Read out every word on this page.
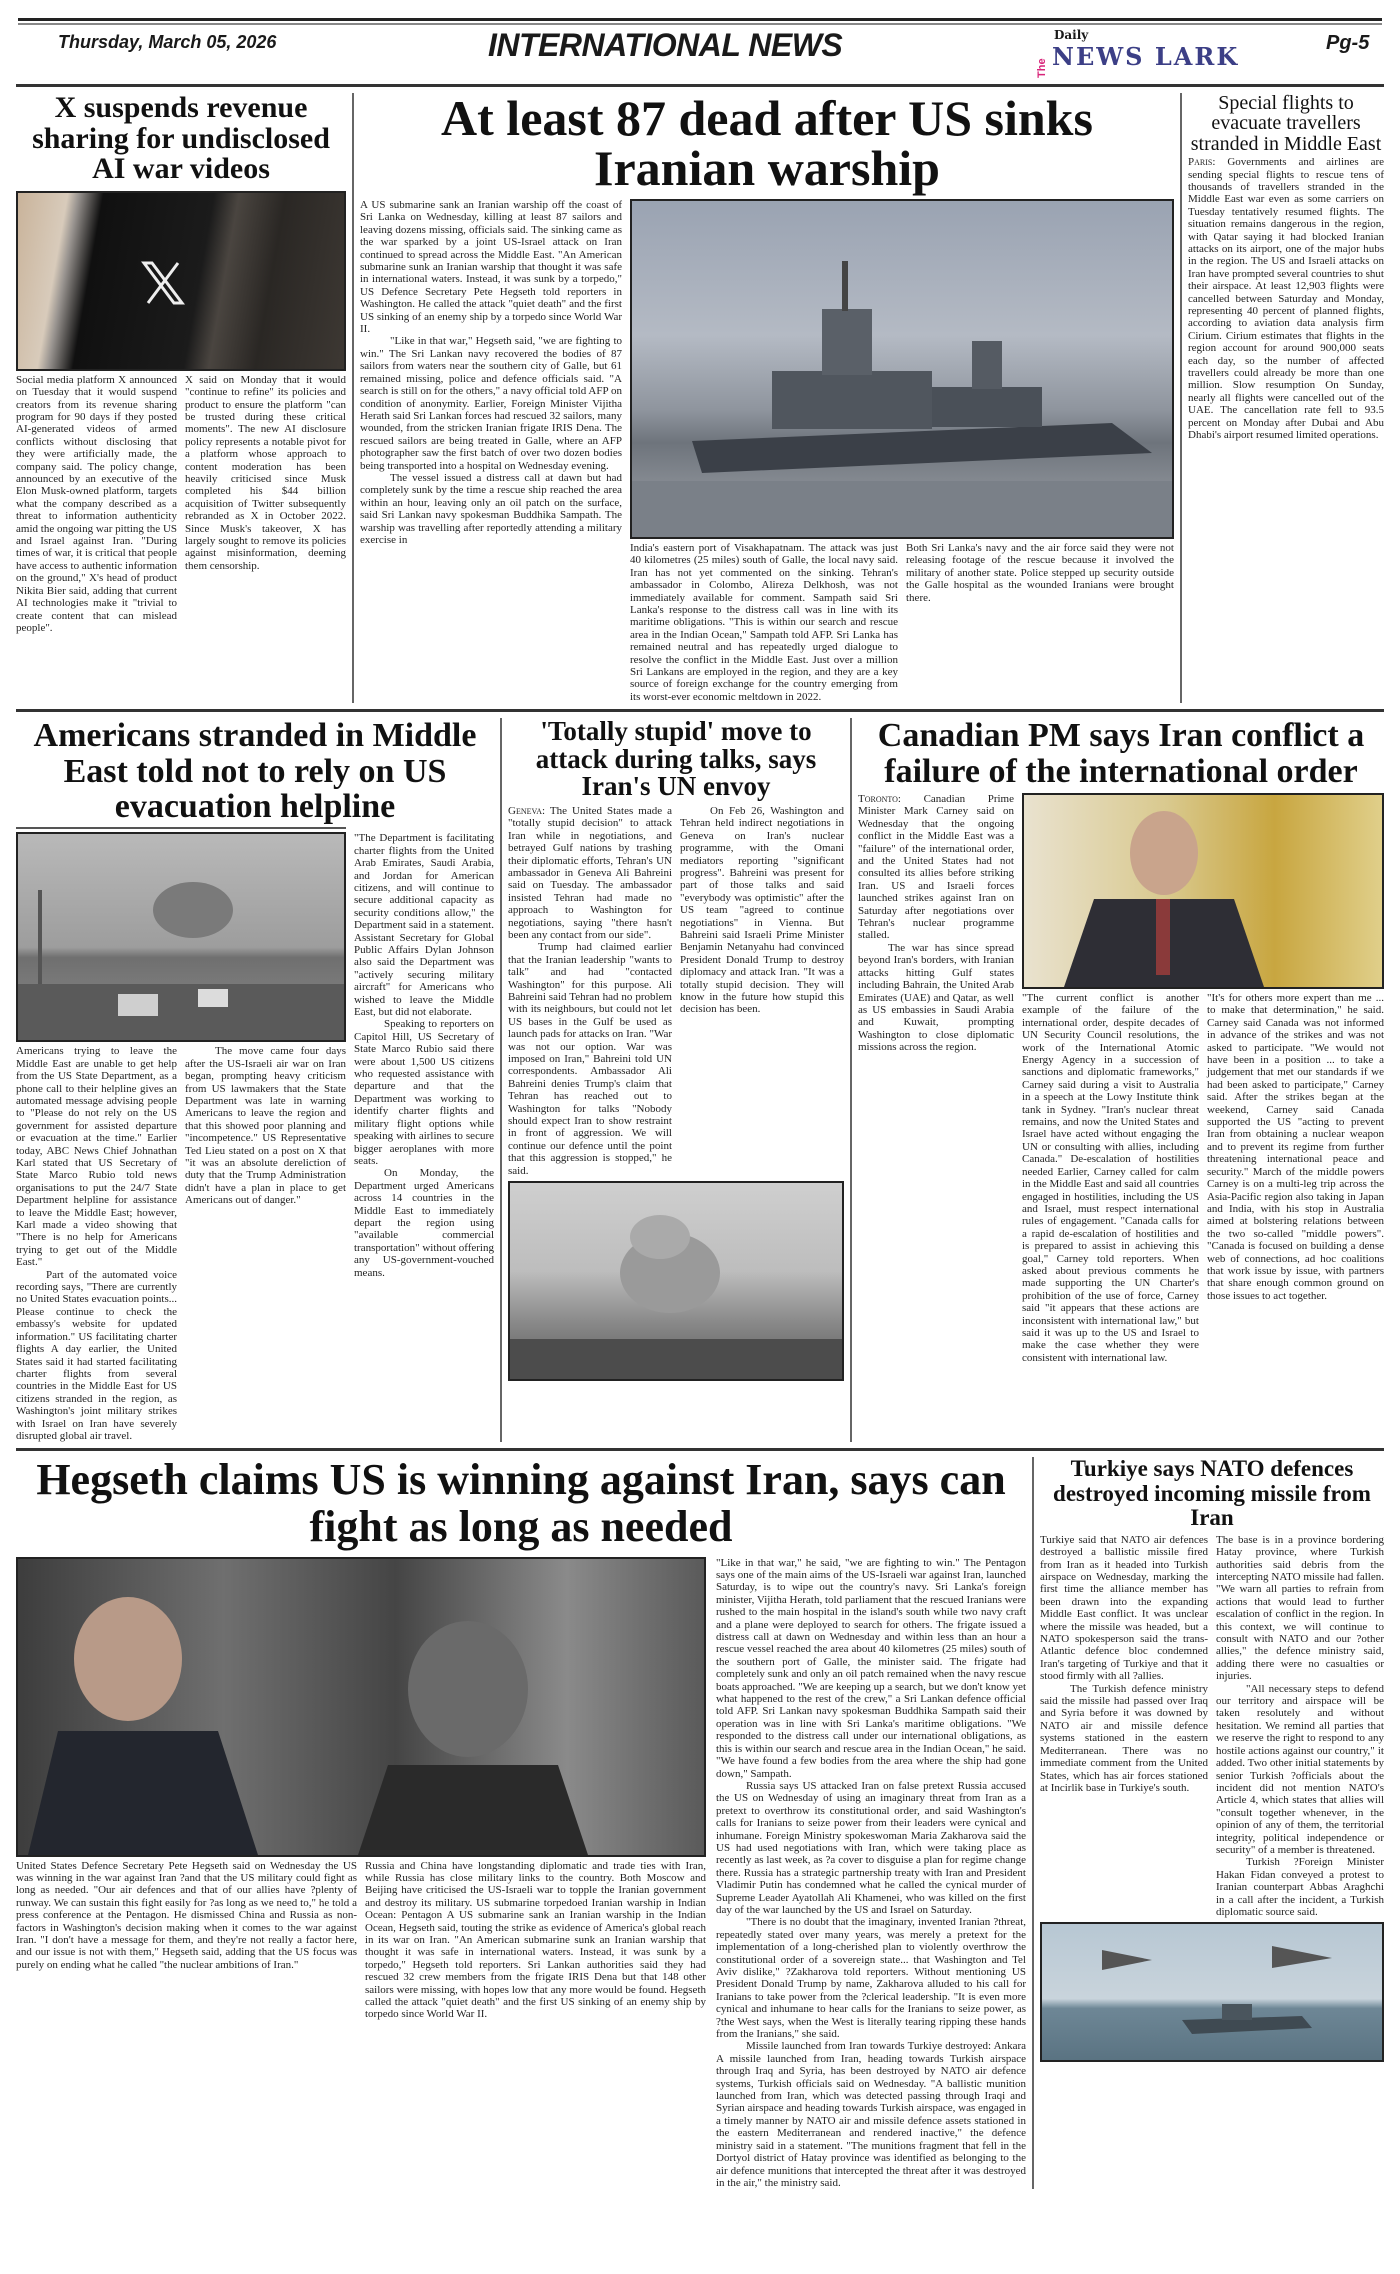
Thursday, March 05, 2026	INTERNATIONAL NEWS	Daily
The NEWS LARK	Pg-5
X suspends revenue sharing for undisclosed AI war videos

Social media platform X announced on Tuesday that it would suspend creators from its revenue sharing program for 90 days if they posted AI-generated videos of armed conflicts without disclosing that they were artificially made, the company said. The policy change, announced by an executive of the Elon Musk-owned platform, targets what the company described as a threat to information authenticity amid the ongoing war pitting the US and Israel against Iran. "During times of war, it is critical that people have access to authentic information on the ground," X's head of product Nikita Bier said, adding that current AI technologies make it "trivial to create content that can mislead people".

X said on Monday that it would "continue to refine" its policies and product to ensure the platform "can be trusted during these critical moments". The new AI disclosure policy represents a notable pivot for a platform whose approach to content moderation has been heavily criticised since Musk completed his $44 billion acquisition of Twitter subsequently rebranded as X in October 2022. Since Musk's takeover, X has largely sought to remove its policies against misinformation, deeming them censorship.

At least 87 dead after US sinks Iranian warship

A US submarine sank an Iranian warship off the coast of Sri Lanka on Wednesday, killing at least 87 sailors and leaving dozens missing, officials said. The sinking came as the war sparked by a joint US-Israel attack on Iran continued to spread across the Middle East. "An American submarine sunk an Iranian warship that thought it was safe in international waters. Instead, it was sunk by a torpedo," US Defence Secretary Pete Hegseth told reporters in Washington. He called the attack "quiet death" and the first US sinking of an enemy ship by a torpedo since World War II.

"Like in that war," Hegseth said, "we are fighting to win." The Sri Lankan navy recovered the bodies of 87 sailors from waters near the southern city of Galle, but 61 remained missing, police and defence officials said. "A search is still on for the others," a navy official told AFP on condition of anonymity. Earlier, Foreign Minister Vijitha Herath said Sri Lankan forces had rescued 32 sailors, many wounded, from the stricken Iranian frigate IRIS Dena. The rescued sailors are being treated in Galle, where an AFP photographer saw the first batch of over two dozen bodies being transported into a hospital on Wednesday evening.

The vessel issued a distress call at dawn but had completely sunk by the time a rescue ship reached the area within an hour, leaving only an oil patch on the surface, said Sri Lankan navy spokesman Buddhika Sampath. The warship was travelling after reportedly attending a military exercise in

India's eastern port of Visakhapatnam. The attack was just 40 kilometres (25 miles) south of Galle, the local navy said. Iran has not yet commented on the sinking. Tehran's ambassador in Colombo, Alireza Delkhosh, was not immediately available for comment. Sampath said Sri Lanka's response to the distress call was in line with its maritime obligations. "This is within our search and rescue area in the Indian Ocean," Sampath told AFP. Sri Lanka has remained neutral and has repeatedly urged dialogue to resolve the conflict in the Middle East. Just over a million Sri Lankans are employed in the region, and they are a key source of foreign exchange for the country emerging from its worst-ever economic meltdown in 2022.

Both Sri Lanka's navy and the air force said they were not releasing footage of the rescue because it involved the military of another state. Police stepped up security outside the Galle hospital as the wounded Iranians were brought there.

Special flights to evacuate travellers stranded in Middle East

Paris: Governments and airlines are sending special flights to rescue tens of thousands of travellers stranded in the Middle East war even as some carriers on Tuesday tentatively resumed flights. The situation remains dangerous in the region, with Qatar saying it had blocked Iranian attacks on its airport, one of the major hubs in the region. The US and Israeli attacks on Iran have prompted several countries to shut their airspace. At least 12,903 flights were cancelled between Saturday and Monday, representing 40 percent of planned flights, according to aviation data analysis firm Cirium. Cirium estimates that flights in the region account for around 900,000 seats each day, so the number of affected travellers could already be more than one million. Slow resumption On Sunday, nearly all flights were cancelled out of the UAE. The cancellation rate fell to 93.5 percent on Monday after Dubai and Abu Dhabi's airport resumed limited operations.

Americans stranded in Middle East told not to rely on US evacuation helpline

Americans trying to leave the Middle East are unable to get help from the US State Department, as a phone call to their helpline gives an automated message advising people to "Please do not rely on the US government for assisted departure or evacuation at the time." Earlier today, ABC News Chief Johnathan Karl stated that US Secretary of State Marco Rubio told news organisations to put the 24/7 State Department helpline for assistance to leave the Middle East; however, Karl made a video showing that "There is no help for Americans trying to get out of the Middle East."

Part of the automated voice recording says, "There are currently no United States evacuation points... Please continue to check the embassy's website for updated information." US facilitating charter flights A day earlier, the United States said it had started facilitating charter flights from several countries in the Middle East for US citizens stranded in the region, as Washington's joint military strikes with Israel on Iran have severely disrupted global air travel.

The move came four days after the US-Israeli air war on Iran began, prompting heavy criticism from US lawmakers that the State Department was late in warning Americans to leave the region and that this showed poor planning and "incompetence." US Representative Ted Lieu stated on a post on X that "it was an absolute dereliction of duty that the Trump Administration didn't have a plan in place to get Americans out of danger."

"The Department is facilitating charter flights from the United Arab Emirates, Saudi Arabia, and Jordan for American citizens, and will continue to secure additional capacity as security conditions allow," the Department said in a statement. Assistant Secretary for Global Public Affairs Dylan Johnson also said the Department was "actively securing military aircraft" for Americans who wished to leave the Middle East, but did not elaborate.

Speaking to reporters on Capitol Hill, US Secretary of State Marco Rubio said there were about 1,500 US citizens who requested assistance with departure and that the Department was working to identify charter flights and military flight options while speaking with airlines to secure bigger aeroplanes with more seats.

On Monday, the Department urged Americans across 14 countries in the Middle East to immediately depart the region using "available commercial transportation" without offering any US-government-vouched means.

'Totally stupid' move to attack during talks, says Iran's UN envoy

Geneva: The United States made a "totally stupid decision" to attack Iran while in negotiations, and betrayed Gulf nations by trashing their diplomatic efforts, Tehran's UN ambassador in Geneva Ali Bahreini said on Tuesday. The ambassador insisted Tehran had made no approach to Washington for negotiations, saying "there hasn't been any contact from our side".

Trump had claimed earlier that the Iranian leadership "wants to talk" and had "contacted Washington" for this purpose. Ali Bahreini said Tehran had no problem with its neighbours, but could not let US bases in the Gulf be used as launch pads for attacks on Iran. "War was not our option. War was imposed on Iran," Bahreini told UN correspondents. Ambassador Ali Bahreini denies Trump's claim that Tehran has reached out to Washington for talks "Nobody should expect Iran to show restraint in front of aggression. We will continue our defence until the point that this aggression is stopped," he said.

On Feb 26, Washington and Tehran held indirect negotiations in Geneva on Iran's nuclear programme, with the Omani mediators reporting "significant progress". Bahreini was present for part of those talks and said "everybody was optimistic" after the US team "agreed to continue negotiations" in Vienna. But Bahreini said Israeli Prime Minister Benjamin Netanyahu had convinced President Donald Trump to destroy diplomacy and attack Iran. "It was a totally stupid decision. They will know in the future how stupid this decision has been.

Canadian PM says Iran conflict a failure of the international order

Toronto: Canadian Prime Minister Mark Carney said on Wednesday that the ongoing conflict in the Middle East was a "failure" of the international order, and the United States had not consulted its allies before striking Iran. US and Israeli forces launched strikes against Iran on Saturday after negotiations over Tehran's nuclear programme stalled.

The war has since spread beyond Iran's borders, with Iranian attacks hitting Gulf states including Bahrain, the United Arab Emirates (UAE) and Qatar, as well as US embassies in Saudi Arabia and Kuwait, prompting Washington to close diplomatic missions across the region.

"The current conflict is another example of the failure of the international order, despite decades of UN Security Council resolutions, the work of the International Atomic Energy Agency in a succession of sanctions and diplomatic frameworks," Carney said during a visit to Australia in a speech at the Lowy Institute think tank in Sydney. "Iran's nuclear threat remains, and now the United States and Israel have acted without engaging the UN or consulting with allies, including Canada." De-escalation of hostilities needed Earlier, Carney called for calm in the Middle East and said all countries engaged in hostilities, including the US and Israel, must respect international rules of engagement. "Canada calls for a rapid de-escalation of hostilities and is prepared to assist in achieving this goal," Carney told reporters. When asked about previous comments he made supporting the UN Charter's prohibition of the use of force, Carney said "it appears that these actions are inconsistent with international law," but said it was up to the US and Israel to make the case whether they were consistent with international law.

"It's for others more expert than me ... to make that determination," he said. Carney said Canada was not informed in advance of the strikes and was not asked to participate. "We would not have been in a position ... to take a judgement that met our standards if we had been asked to participate," Carney said. After the strikes began at the weekend, Carney said Canada supported the US "acting to prevent Iran from obtaining a nuclear weapon and to prevent its regime from further threatening international peace and security." March of the middle powers Carney is on a multi-leg trip across the Asia-Pacific region also taking in Japan and India, with his stop in Australia aimed at bolstering relations between the two so-called "middle powers". "Canada is focused on building a dense web of connections, ad hoc coalitions that work issue by issue, with partners that share enough common ground on those issues to act together.

Hegseth claims US is winning against Iran, says can fight as long as needed

United States Defence Secretary Pete Hegseth said on Wednesday the US was winning in the war against Iran ?and that the US military could fight as long as needed. "Our air defences and that of our allies have ?plenty of runway. We can sustain this fight easily for ?as long as we need to," he told a press conference at the Pentagon. He dismissed China and Russia as non-factors in Washington's decision making when it comes to the war against Iran. "I don't have a message for them, and they're not really a factor here, and our issue is not with them," Hegseth said, adding that the US focus was purely on ending what he called "the nuclear ambitions of Iran."

Russia and China have longstanding diplomatic and trade ties with Iran, while Russia has close military links to the country. Both Moscow and Beijing have criticised the US-Israeli war to topple the Iranian government and destroy its military. US submarine torpedoed Iranian warship in Indian Ocean: Pentagon A US submarine sank an Iranian warship in the Indian Ocean, Hegseth said, touting the strike as evidence of America's global reach in its war on Iran. "An American submarine sunk an Iranian warship that thought it was safe in international waters. Instead, it was sunk by a torpedo," Hegseth told reporters. Sri Lankan authorities said they had rescued 32 crew members from the frigate IRIS Dena but that 148 other sailors were missing, with hopes low that any more would be found. Hegseth called the attack "quiet death" and the first US sinking of an enemy ship by torpedo since World War II.

"Like in that war," he said, "we are fighting to win." The Pentagon says one of the main aims of the US-Israeli war against Iran, launched Saturday, is to wipe out the country's navy. Sri Lanka's foreign minister, Vijitha Herath, told parliament that the rescued Iranians were rushed to the main hospital in the island's south while two navy craft and a plane were deployed to search for others. The frigate issued a distress call at dawn on Wednesday and within less than an hour a rescue vessel reached the area about 40 kilometres (25 miles) south of the southern port of Galle, the minister said. The frigate had completely sunk and only an oil patch remained when the navy rescue boats approached. "We are keeping up a search, but we don't know yet what happened to the rest of the crew," a Sri Lankan defence official told AFP. Sri Lankan navy spokesman Buddhika Sampath said their operation was in line with Sri Lanka's maritime obligations. "We responded to the distress call under our international obligations, as this is within our search and rescue area in the Indian Ocean," he said. "We have found a few bodies from the area where the ship had gone down," Sampath.

Russia says US attacked Iran on false pretext Russia accused the US on Wednesday of using an imaginary threat from Iran as a pretext to overthrow its constitutional order, and said Washington's calls for Iranians to seize power from their leaders were cynical and inhumane. Foreign Ministry spokeswoman Maria Zakharova said the US had used negotiations with Iran, which were taking place as recently as last week, as ?a cover to disguise a plan for regime change there. Russia has a strategic partnership treaty with Iran and President Vladimir Putin has condemned what he called the cynical murder of Supreme Leader Ayatollah Ali Khamenei, who was killed on the first day of the war launched by the US and Israel on Saturday.

"There is no doubt that the imaginary, invented Iranian ?threat, repeatedly stated over many years, was merely a pretext for the implementation of a long-cherished plan to violently overthrow the constitutional order of a sovereign state... that Washington and Tel Aviv dislike," ?Zakharova told reporters. Without mentioning US President Donald Trump by name, Zakharova alluded to his call for Iranians to take power from the ?clerical leadership. "It is even more cynical and inhumane to hear calls for the Iranians to seize power, as ?the West says, when the West is literally tearing ripping these hands from the Iranians," she said.

Missile launched from Iran towards Turkiye destroyed: Ankara A missile launched from Iran, heading towards Turkish airspace through Iraq and Syria, has been destroyed by NATO air defence systems, Turkish officials said on Wednesday. "A ballistic munition launched from Iran, which was detected passing through Iraqi and Syrian airspace and heading towards Turkish airspace, was engaged in a timely manner by NATO air and missile defence assets stationed in the eastern Mediterranean and rendered inactive," the defence ministry said in a statement. "The munitions fragment that fell in the Dortyol district of Hatay province was identified as belonging to the air defence munitions that intercepted the threat after it was destroyed in the air," the ministry said.

Turkiye says NATO defences destroyed incoming missile from Iran

Turkiye said that NATO air defences destroyed a ballistic missile fired from Iran as it headed into Turkish airspace on Wednesday, marking the first time the alliance member has been drawn into the expanding Middle East conflict. It was unclear where the missile was headed, but a NATO spokesperson said the trans-Atlantic defence bloc condemned Iran's targeting of Turkiye and that it stood firmly with all ?allies.

The Turkish defence ministry said the missile had passed over Iraq and Syria before it was downed by NATO air and missile defence systems stationed in the eastern Mediterranean. There was no immediate comment from the United States, which has air forces stationed at Incirlik base in Turkiye's south.

The base is in a province bordering Hatay province, where Turkish authorities said debris from the intercepting NATO missile had fallen. "We warn all parties to refrain from actions that would lead to further escalation of conflict in the region. In this context, we will continue to consult with NATO and our ?other allies," the defence ministry said, adding there were no casualties or injuries.

"All necessary steps to defend our territory and airspace will be taken resolutely and without hesitation. We remind all parties that we reserve the right to respond to any hostile actions against our country," it added. Two other initial statements by senior Turkish ?officials about the incident did not mention NATO's Article 4, which states that allies will "consult together whenever, in the opinion of any of them, the territorial integrity, political independence or security" of a member is threatened.

Turkish ?Foreign Minister Hakan Fidan conveyed a protest to Iranian counterpart Abbas Araghchi in a call after the incident, a Turkish diplomatic source said.
